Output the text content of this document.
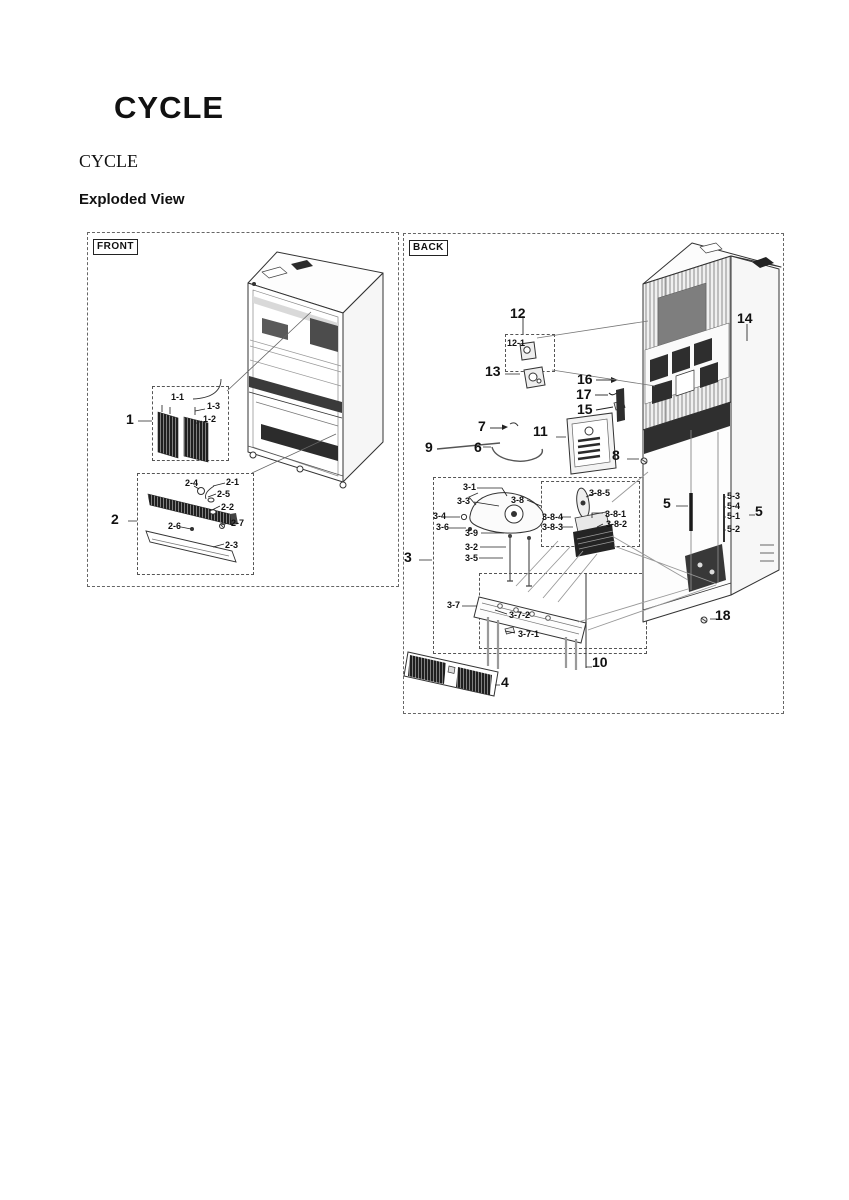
CYCLE
CYCLE
Exploded View
FRONT	BACK
1
1-1
1-3
1-2
2
2-4	2-1
2-5
2-2
2-6	2-7
2-3
12
12-1
13	16
17
15
14
7
9	6
11
8
3
3-1
3-3	3-8
3-4
3-6
3-9
3-2
3-5
3-7
3-7-2
3-7-1
3-8-5
3-8-4
3-8-3
3-8-1
3-8-2
10
4
5	5
5-3
5-4
5-1
5-2
18
